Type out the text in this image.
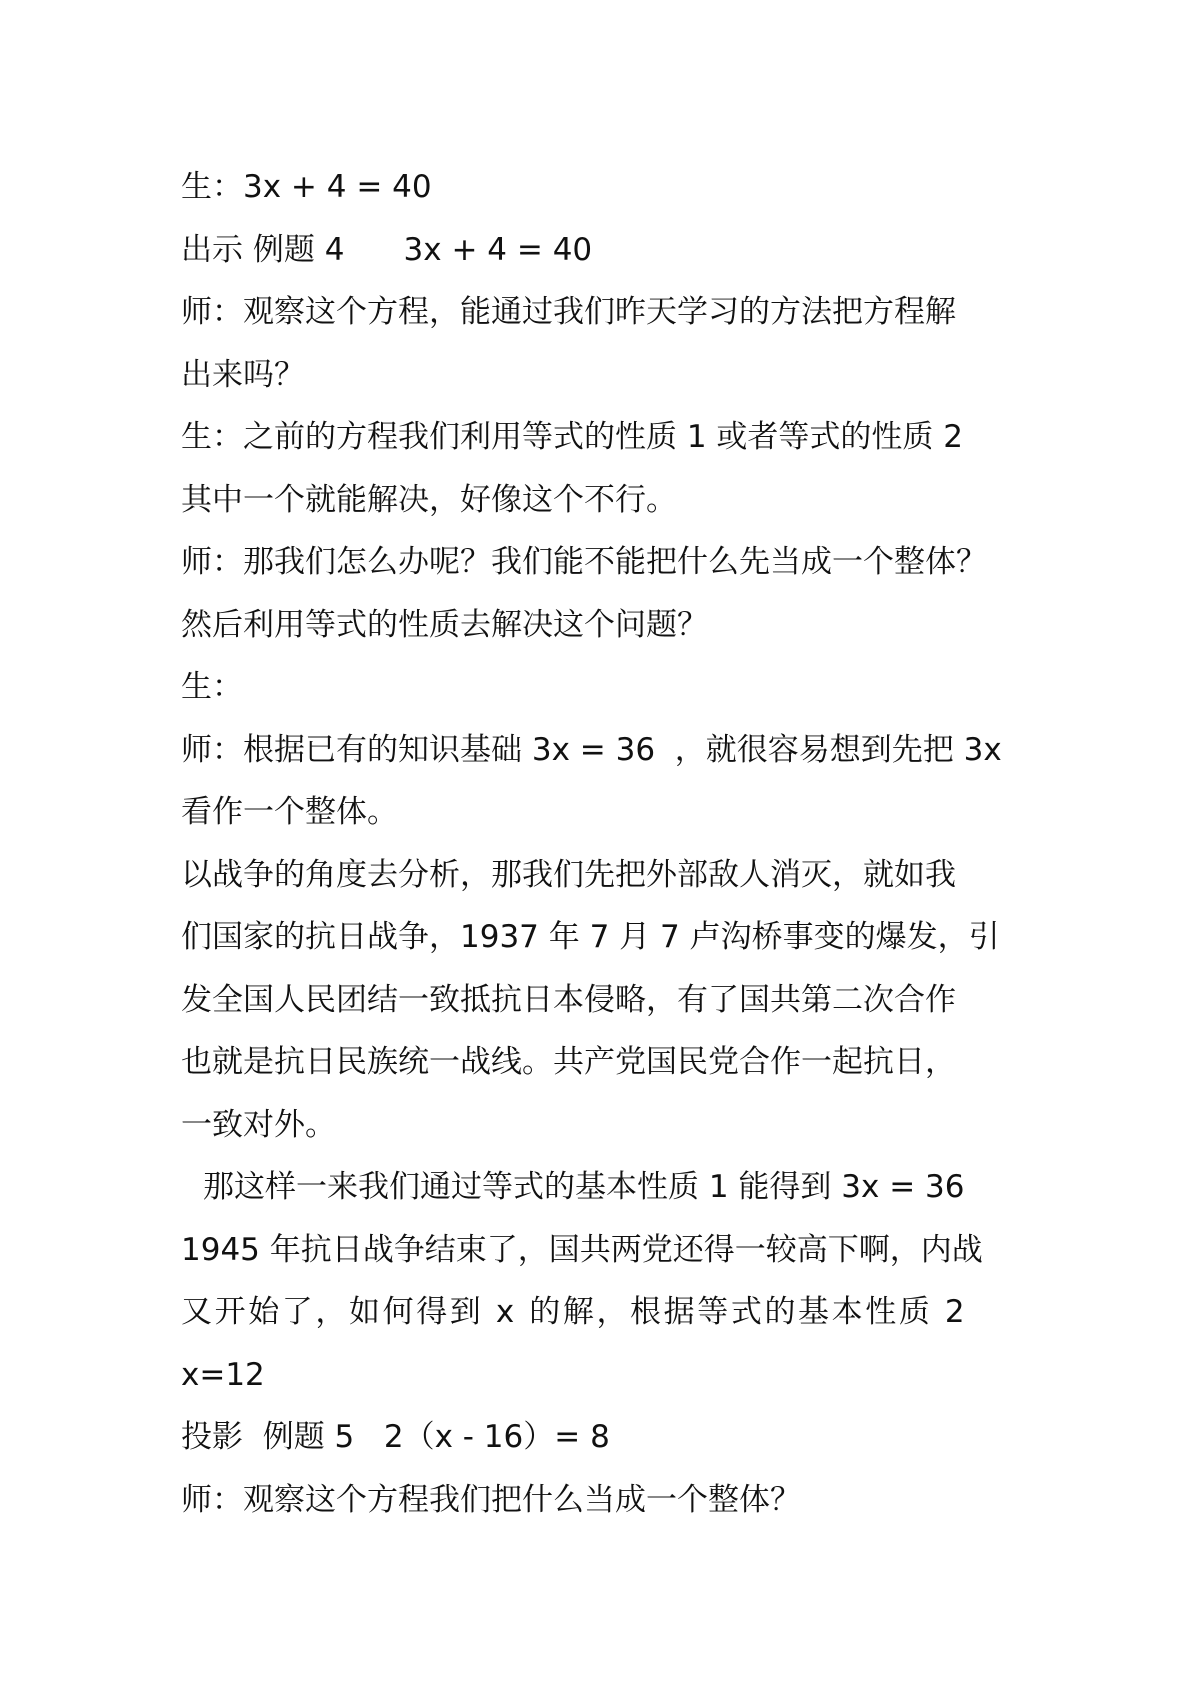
生：3x + 4 = 40
出示 例题 4      3x + 4 = 40
师：观察这个方程，能通过我们昨天学习的方法把方程解
出来吗？
生：之前的方程我们利用等式的性质 1 或者等式的性质 2
其中一个就能解决，好像这个不行。
师：那我们怎么办呢？我们能不能把什么先当成一个整体？
然后利用等式的性质去解决这个问题？
生：
师：根据已有的知识基础 3x = 36  ，就很容易想到先把 3x
看作一个整体。
以战争的角度去分析，那我们先把外部敌人消灭，就如我
们国家的抗日战争，1937 年 7 月 7 卢沟桥事变的爆发，引
发全国人民团结一致抵抗日本侵略，有了国共第二次合作
也就是抗日民族统一战线。共产党国民党合作一起抗日，
一致对外。
那这样一来我们通过等式的基本性质 1 能得到 3x = 36
1945 年抗日战争结束了，国共两党还得一较高下啊，内战
又开始了，如何得到 x 的解，根据等式的基本性质 2
x=12
投影  例题 5   2（x - 16）= 8
师：观察这个方程我们把什么当成一个整体？
